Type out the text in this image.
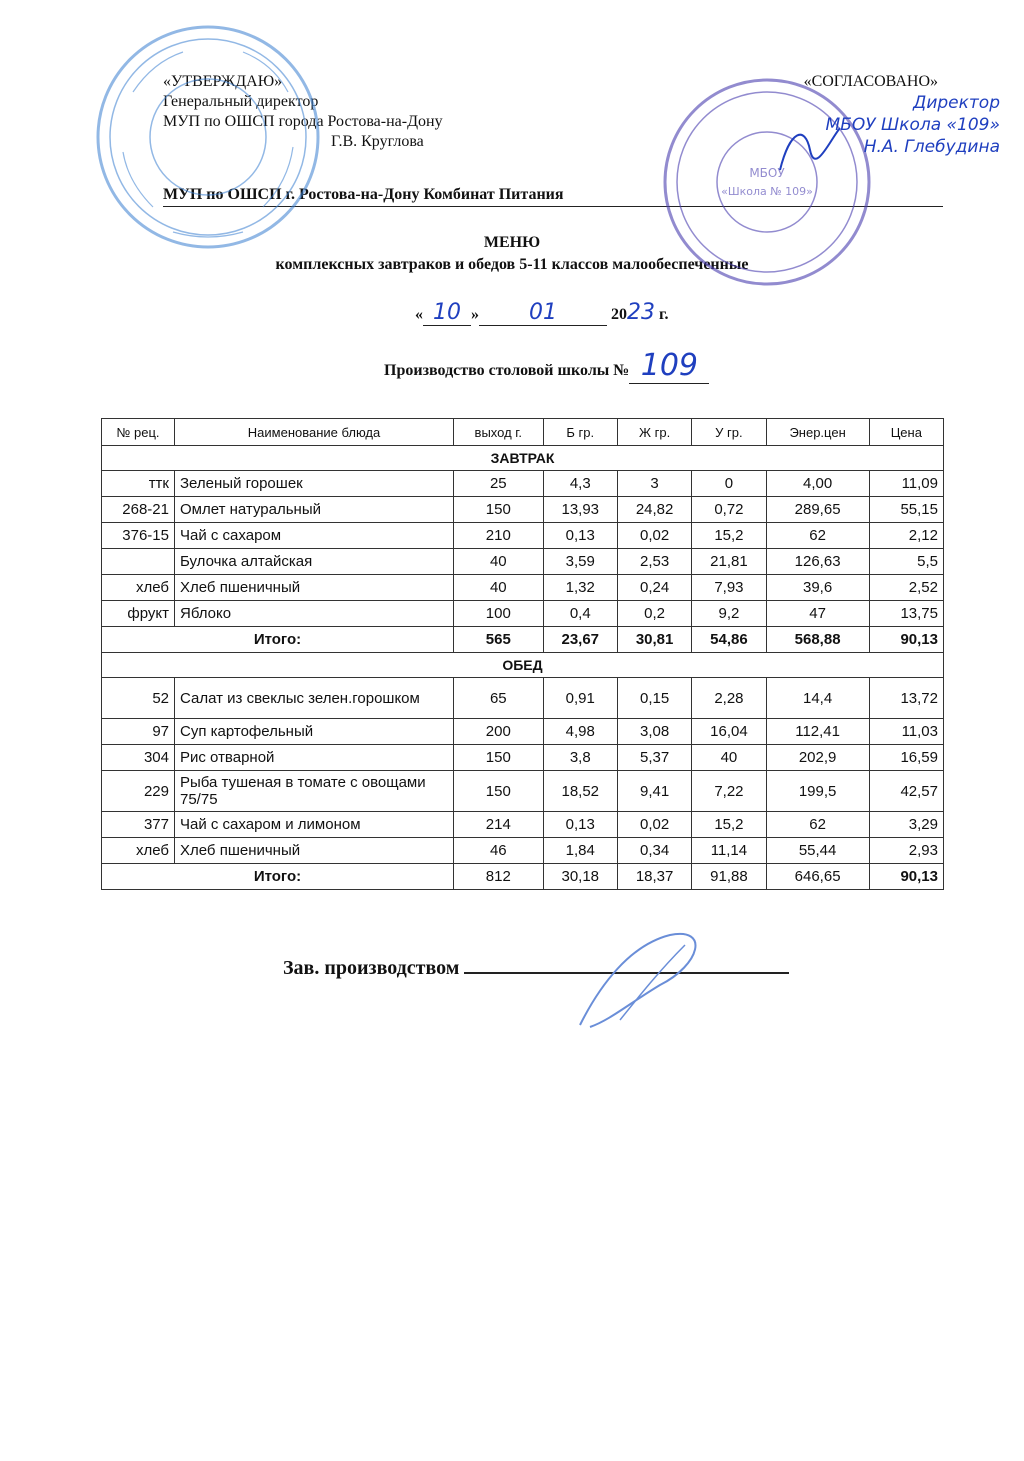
«УТВЕРЖДАЮ»
Генеральный директор
МУП по ОШСП города Ростова-на-Дону
Г.В. Круглова
«СОГЛАСОВАНО»
МУП по ОШСП г. Ростова-на-Дону Комбинат Питания
МЕНЮ
комплексных завтраков и обедов 5-11 классов малообеспеченные
« 10 » 01	2023 г.
Производство столовой школы № 109
№ рец.	Наименование блюда	выход г.	Б гр.	Ж гр.	У гр.	Энер.цен	Цена
ЗАВТРАК							
ттк	Зеленый горошек	25	4,3	3	0	4,00	11,09
268-21	Омлет натуральный	150	13,93	24,82	0,72	289,65	55,15
376-15	Чай с сахаром	210	0,13	0,02	15,2	62	2,12
	Булочка алтайская	40	3,59	2,53	21,81	126,63	5,5
хлеб	Хлеб пшеничный	40	1,32	0,24	7,93	39,6	2,52
фрукт	Яблоко	100	0,4	0,2	9,2	47	13,75
Итого:		565	23,67	30,81	54,86	568,88	90,13
ОБЕД							
52	Салат из свеклыс зелен.горошком	65	0,91	0,15	2,28	14,4	13,72
97	Суп картофельный	200	4,98	3,08	16,04	112,41	11,03
304	Рис отварной	150	3,8	5,37	40	202,9	16,59
229	Рыба тушеная в томате с овощами 75/75	150	18,52	9,41	7,22	199,5	42,57
377	Чай с сахаром и лимоном	214	0,13	0,02	15,2	62	3,29
хлеб	Хлеб пшеничный	46	1,84	0,34	11,14	55,44	2,93
Итого:		812	30,18	18,37	91,88	646,65	90,13
Зав. производством
МБОУ
«Школа № 109»
Директор
МБОУ Школа «109»
Н.А. Глебудина
